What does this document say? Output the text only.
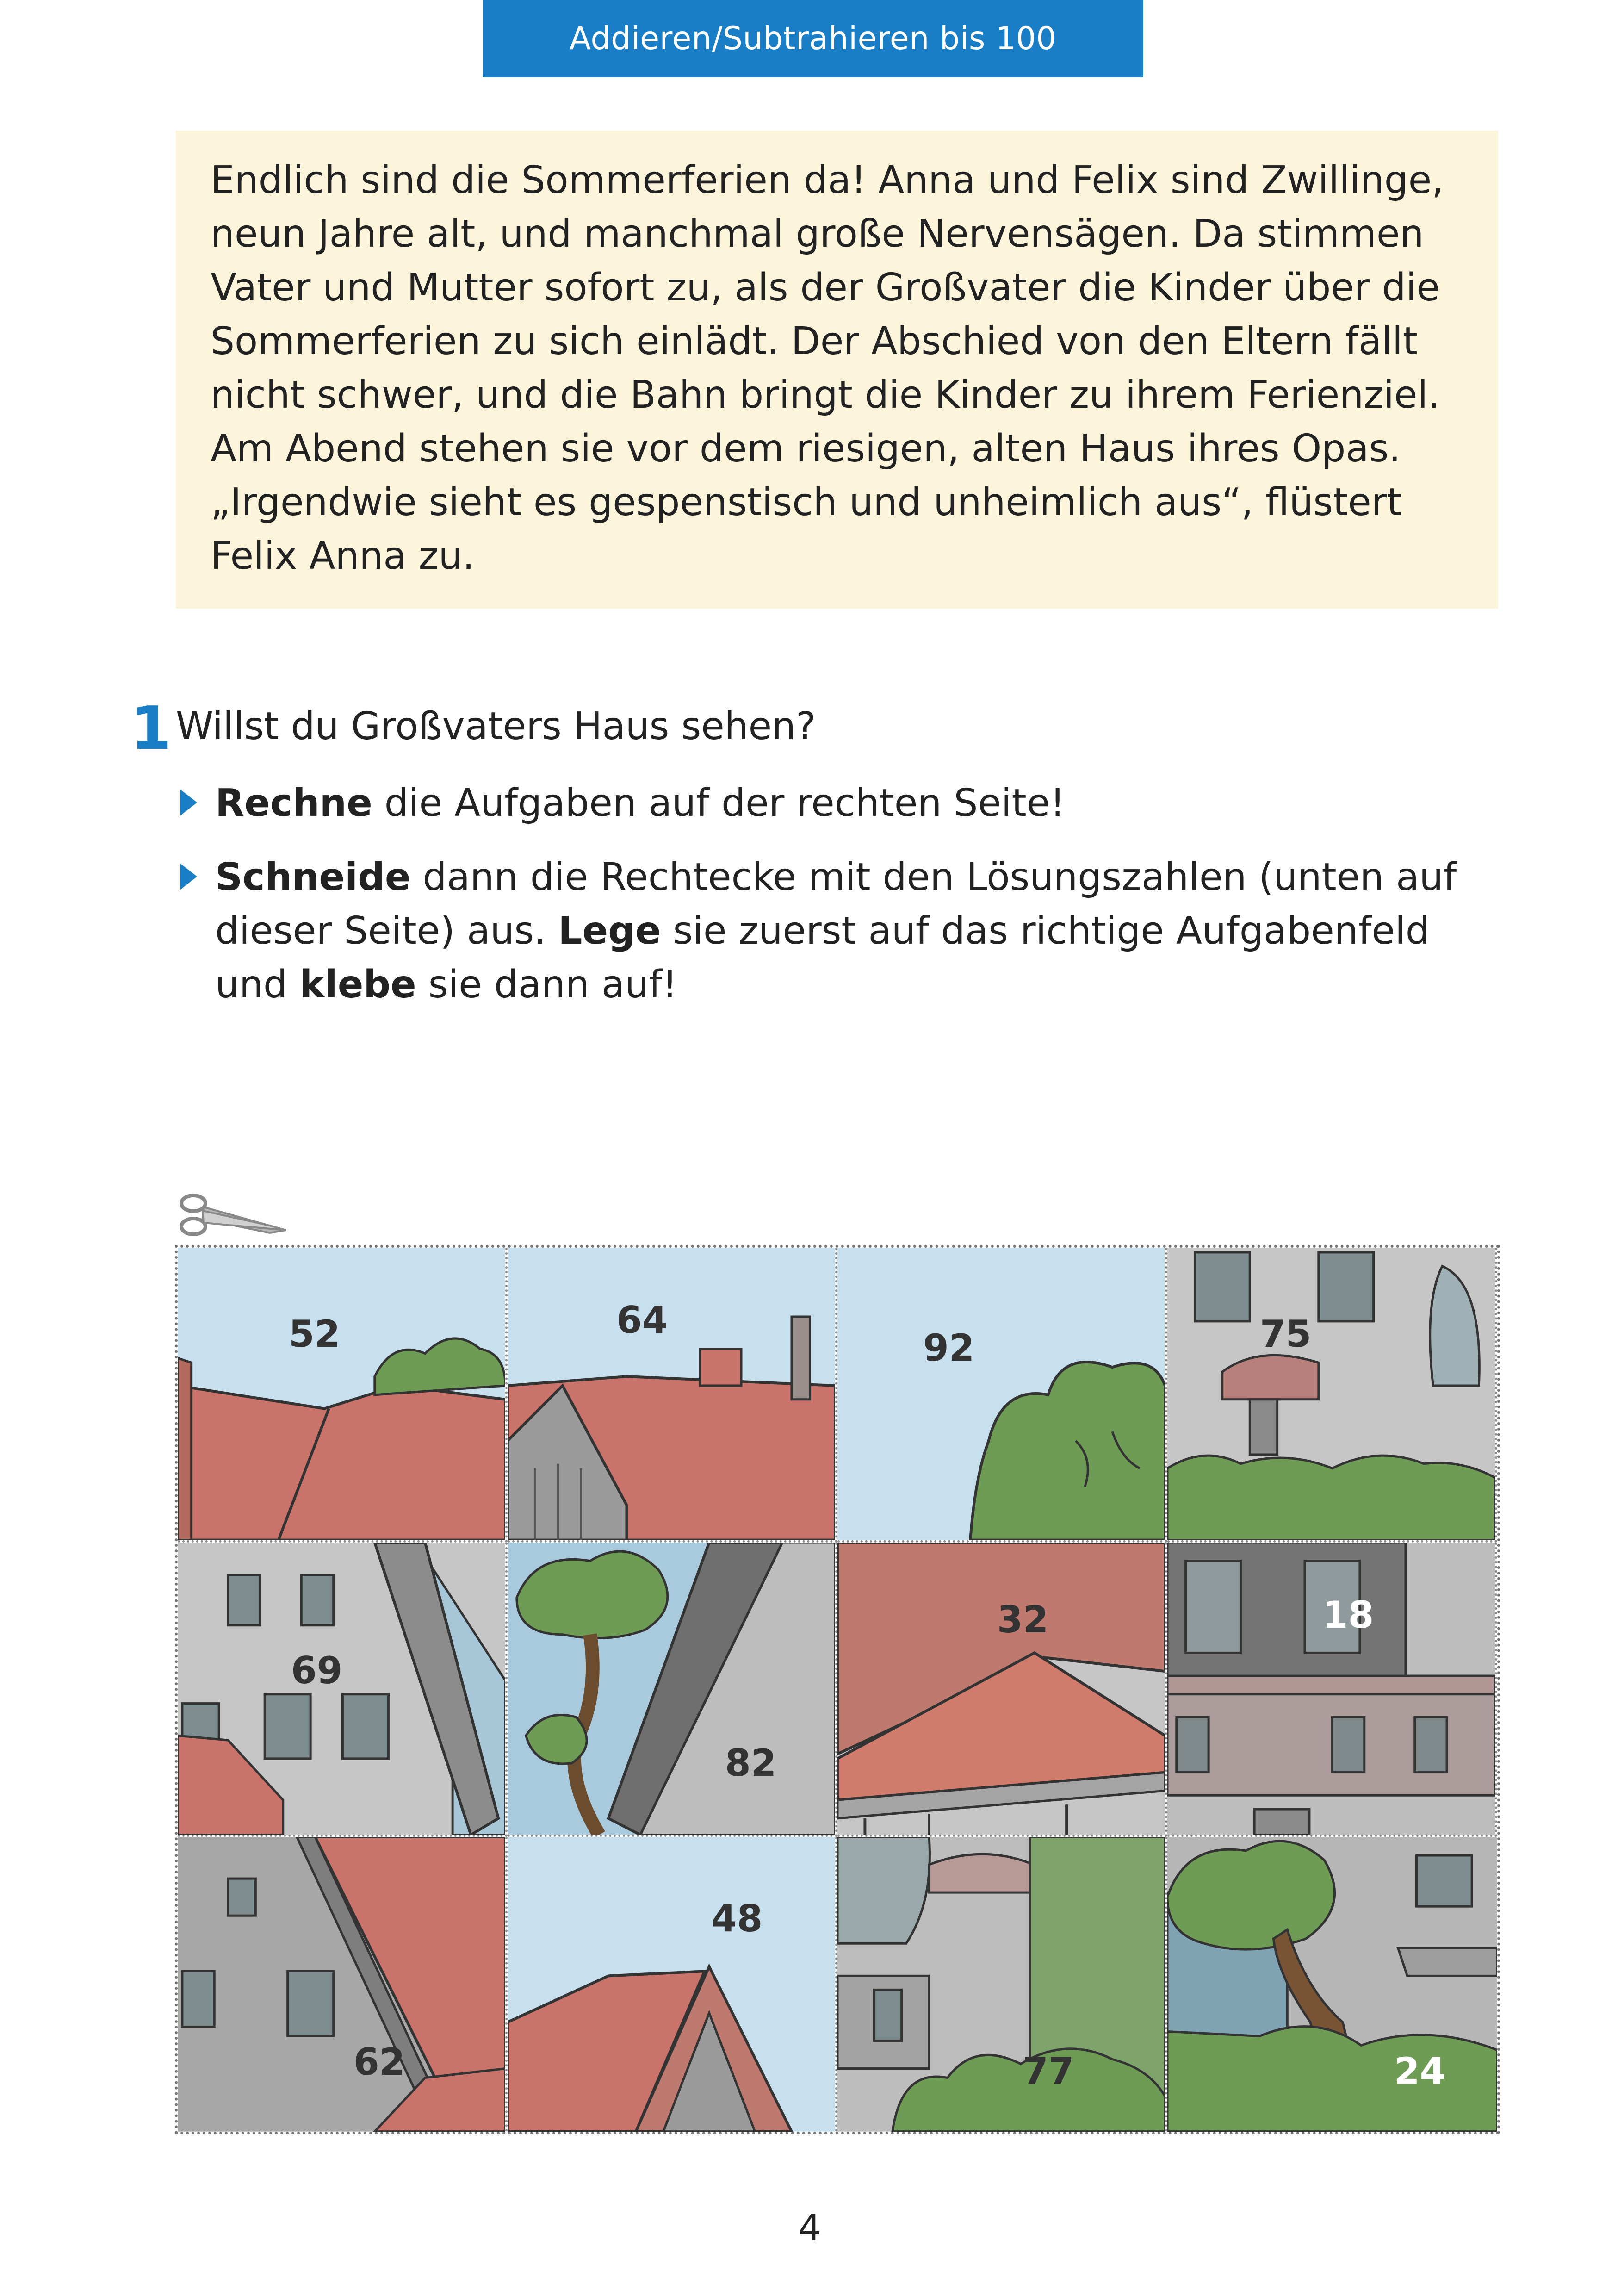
Addieren/Subtrahieren bis 100

Endlich sind die Sommerferien da! Anna und Felix sind Zwillinge,
neun Jahre alt, und manchmal große Nervensägen. Da stimmen
Vater und Mutter sofort zu, als der Großvater die Kinder über die
Sommerferien zu sich einlädt. Der Abschied von den Eltern fällt
nicht schwer, und die Bahn bringt die Kinder zu ihrem Ferienziel.
Am Abend stehen sie vor dem riesigen, alten Haus ihres Opas.
„Irgendwie sieht es gespenstisch und unheimlich aus“, flüstert
Felix Anna zu.

1 Willst du Großvaters Haus sehen?
Rechne die Aufgaben auf der rechten Seite!
Schneide dann die Rechtecke mit den Lösungszahlen (unten auf
dieser Seite) aus. Lege sie zuerst auf das richtige Aufgabenfeld
und klebe sie dann auf!
52	64
92	75
69
82
32	18
62
48
77	24
4
